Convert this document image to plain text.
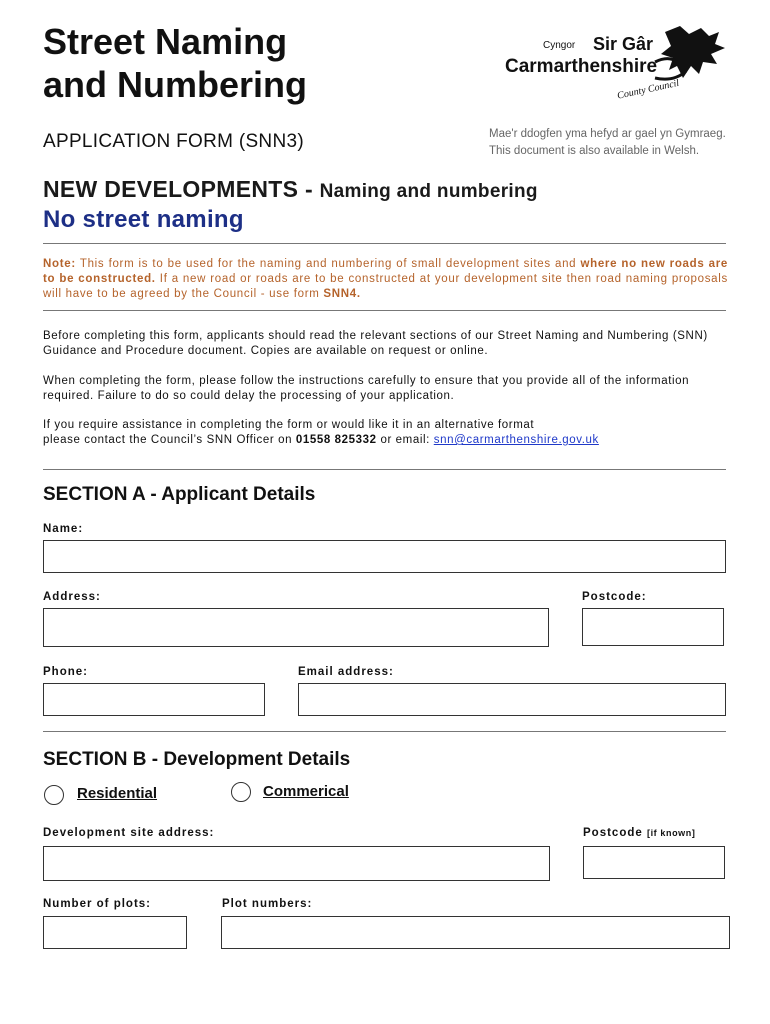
Street Naming
and Numbering
APPLICATION FORM (SNN3)
Cyngor Sir Gâr
Carmarthenshire
County Council
Mae'r ddogfen yma hefyd ar gael yn Gymraeg.
This document is also available in Welsh.
NEW DEVELOPMENTS - Naming and numbering
No street naming
Note: This form is to be used for the naming and numbering of small development sites and where no new roads are to be constructed. If a new road or roads are to be constructed at your development site then road naming proposals will have to be agreed by the Council - use form SNN4.
Before completing this form, applicants should read the relevant sections of our Street Naming and Numbering (SNN) Guidance and Procedure document. Copies are available on request or online.
When completing the form, please follow the instructions carefully to ensure that you provide all of the information required. Failure to do so could delay the processing of your application.
If you require assistance in completing the form or would like it in an alternative format
please contact the Council’s SNN Officer on 01558 825332 or email: snn@carmarthenshire.gov.uk
SECTION A - Applicant Details
Name:
Address:	Postcode:
Phone:	Email address:
SECTION B - Development Details
Residential	Commerical
Development site address:	Postcode [if known]
Number of plots:	Plot numbers:
